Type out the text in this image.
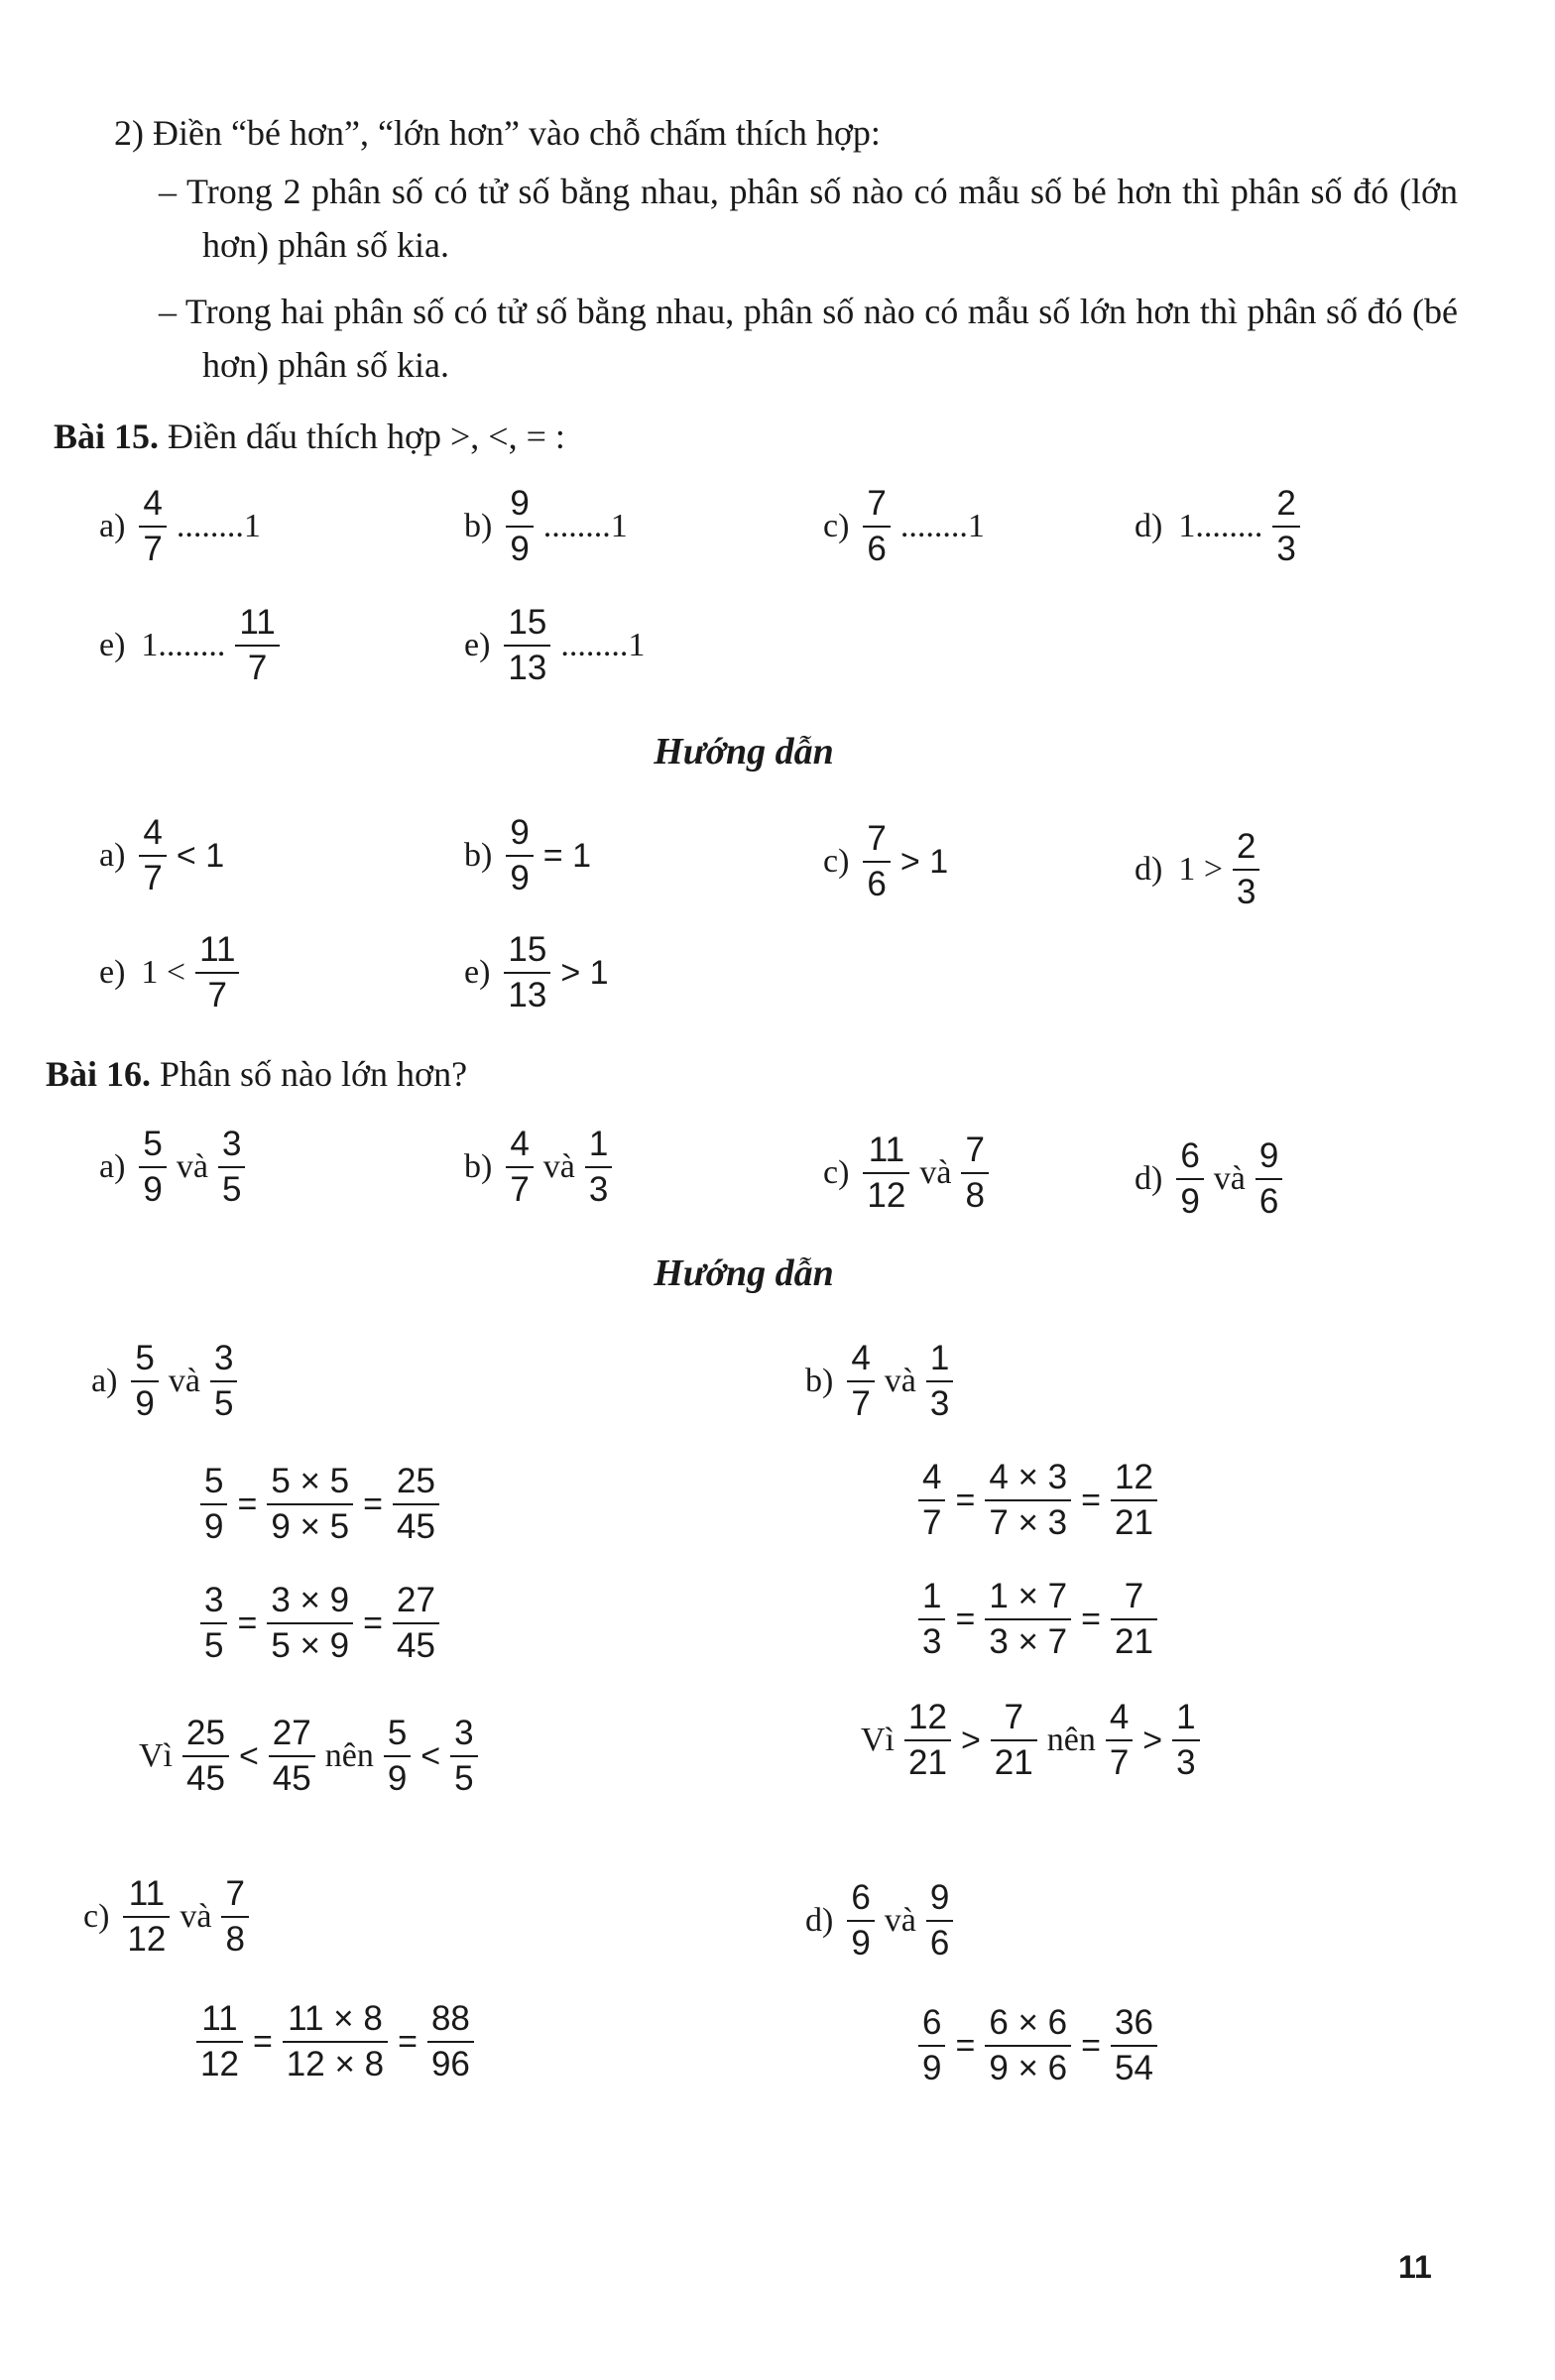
2) Điền “bé hơn”, “lớn hơn” vào chỗ chấm thích hợp:
– Trong 2 phân số có tử số bằng nhau, phân số nào có mẫu số bé hơn thì phân số đó (lớn hơn) phân số kia.
– Trong hai phân số có tử số bằng nhau, phân số nào có mẫu số lớn hơn thì phân số đó (bé hơn) phân số kia.
Bài 15. Điền dấu thích hợp >, <, = :
$a) \frac{4}{7} ........1$	$b) \frac{9}{9} ........1$	$c) \frac{7}{6} ........1$	d) 1........ $\frac{2}{3}$
e) 1........ $\frac{11}{7}$	$e) \frac{15}{13} ........1$
Hướng dẫn
$a) \frac{4}{7} < 1$	$b) \frac{9}{9} = 1$	$c) \frac{7}{6} > 1$	d) $1 > \frac{2}{3}$
e) $1 < \frac{11}{7}$	$e) \frac{15}{13} > 1$
Bài 16. Phân số nào lớn hơn?
$a) \frac{5}{9}$ và $\frac{3}{5}$	$b) \frac{4}{7}$ và $\frac{1}{3}$	$c) \frac{11}{12}$ và $\frac{7}{8}$	$d) \frac{6}{9}$ và $\frac{9}{6}$
Hướng dẫn
$a) \frac{5}{9}$ và $\frac{3}{5}$
$\frac{5}{9} = \frac{5 \times 5}{9 \times 5} = \frac{25}{45}$
$\frac{3}{5} = \frac{3 \times 9}{5 \times 9} = \frac{27}{45}$
Vì $\frac{25}{45} < \frac{27}{45}$ nên $\frac{5}{9} < \frac{3}{5}$
$b) \frac{4}{7}$ và $\frac{1}{3}$
$\frac{4}{7} = \frac{4 \times 3}{7 \times 3} = \frac{12}{21}$
$\frac{1}{3} = \frac{1 \times 7}{3 \times 7} = \frac{7}{21}$
Vì $\frac{12}{21} > \frac{7}{21}$ nên $\frac{4}{7} > \frac{1}{3}$
$c) \frac{11}{12}$ và $\frac{7}{8}$
$\frac{11}{12} = \frac{11 \times 8}{12 \times 8} = \frac{88}{96}$
$d) \frac{6}{9}$ và $\frac{9}{6}$
$\frac{6}{9} = \frac{6 \times 6}{9 \times 6} = \frac{36}{54}$
11
